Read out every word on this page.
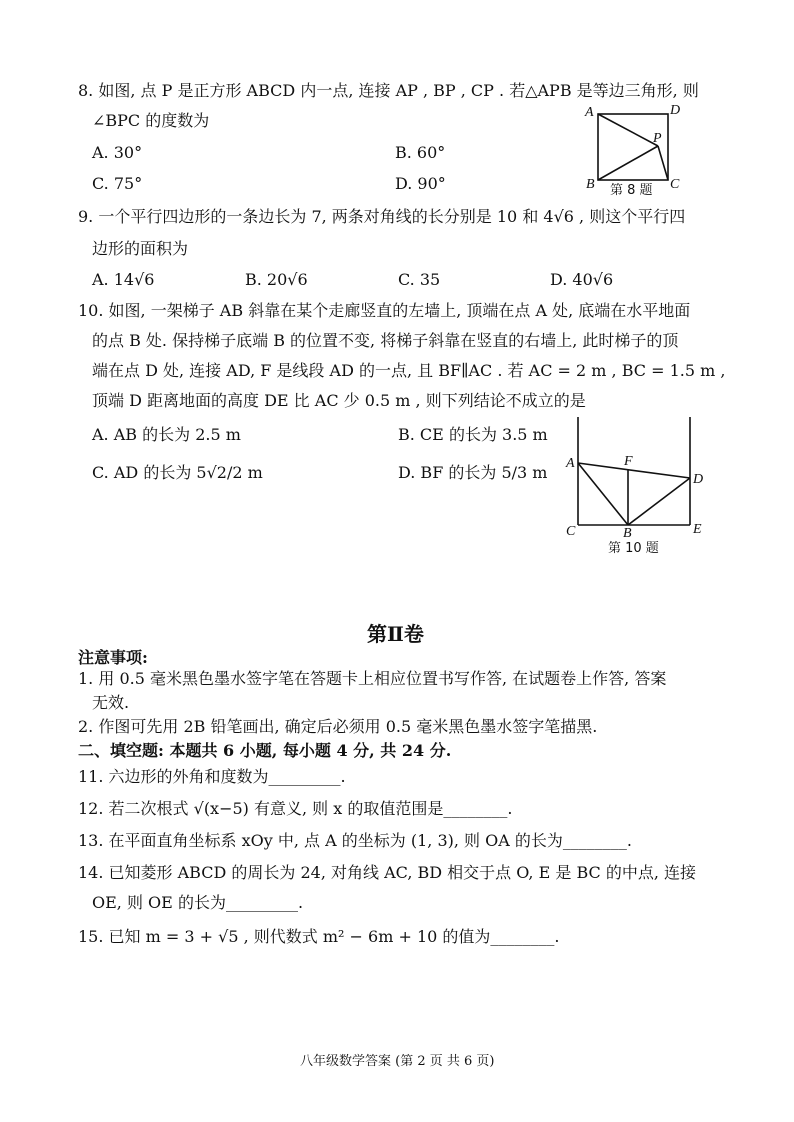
8. 如图, 点 P 是正方形 ABCD 内一点, 连接 AP , BP , CP . 若△APB 是等边三角形, 则
∠BPC 的度数为
A. 30°	B. 60°
C. 75°	D. 90°
A	D
P
B	C
第 8 题
9. 一个平行四边形的一条边长为 7, 两条对角线的长分别是 10 和 4√6 , 则这个平行四
边形的面积为
A. 14√6	B. 20√6	C. 35	D. 40√6
10. 如图, 一架梯子 AB 斜靠在某个走廊竖直的左墙上, 顶端在点 A 处, 底端在水平地面
的点 B 处. 保持梯子底端 B 的位置不变, 将梯子斜靠在竖直的右墙上, 此时梯子的顶
端在点 D 处, 连接 AD, F 是线段 AD 的一点, 且 BF∥AC . 若 AC = 2 m , BC = 1.5 m ,
顶端 D 距离地面的高度 DE 比 AC 少 0.5 m , 则下列结论不成立的是
A. AB 的长为 2.5 m	B. CE 的长为 3.5 m
C. AD 的长为 5√2/2 m	D. BF 的长为 5/3 m A	F
D
C	B	E
第 10 题
第Ⅱ卷
注意事项:
1. 用 0.5 毫米黑色墨水签字笔在答题卡上相应位置书写作答, 在试题卷上作答, 答案
无效.
2. 作图可先用 2B 铅笔画出, 确定后必须用 0.5 毫米黑色墨水签字笔描黑.
二、填空题: 本题共 6 小题, 每小题 4 分, 共 24 分.
11. 六边形的外角和度数为_________.
12. 若二次根式 √(x−5) 有意义, 则 x 的取值范围是________.
13. 在平面直角坐标系 xOy 中, 点 A 的坐标为 (1, 3), 则 OA 的长为________.
14. 已知菱形 ABCD 的周长为 24, 对角线 AC, BD 相交于点 O, E 是 BC 的中点, 连接
OE, 则 OE 的长为_________.
15. 已知 m = 3 + √5 , 则代数式 m² − 6m + 10 的值为________.
八年级数学答案 (第 2 页 共 6 页)
